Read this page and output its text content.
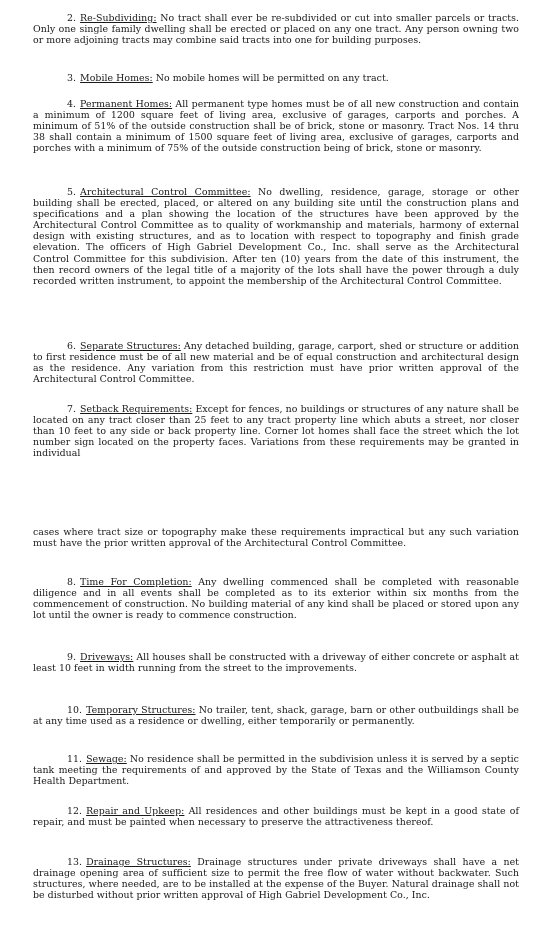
2. Re-Subdividing: No tract shall ever be re-subdivided or cut into smaller parcels or tracts. Only one single family dwelling shall be erected or placed on any one tract. Any person owning two or more adjoining tracts may combine said tracts into one for building purposes.

3. Mobile Homes: No mobile homes will be permitted on any tract.

4. Permanent Homes: All permanent type homes must be of all new construction and contain a minimum of 1200 square feet of living area, exclusive of garages, carports and porches. A minimum of 51% of the outside construction shall be of brick, stone or masonry. Tract Nos. 14 thru 38 shall contain a minimum of 1500 square feet of living area, exclusive of garages, carports and porches with a minimum of 75% of the outside construction being of brick, stone or masonry.

5. Architectural Control Committee: No dwelling, residence, garage, storage or other building shall be erected, placed, or altered on any building site until the construction plans and specifications and a plan showing the location of the structures have been approved by the Architectural Control Committee as to quality of workmanship and materials, harmony of external design with existing structures, and as to location with respect to topography and finish grade elevation. The officers of High Gabriel Development Co., Inc. shall serve as the Architectural Control Committee for this subdivision. After ten (10) years from the date of this instrument, the then record owners of the legal title of a majority of the lots shall have the power through a duly recorded written instrument, to appoint the membership of the Architectural Control Committee.

6. Separate Structures: Any detached building, garage, carport, shed or structure or addition to first residence must be of all new material and be of equal construction and architectural design as the residence. Any variation from this restriction must have prior written approval of the Architectural Control Committee.

7. Setback Requirements: Except for fences, no buildings or structures of any nature shall be located on any tract closer than 25 feet to any tract property line which abuts a street, nor closer than 10 feet to any side or back property line. Corner lot homes shall face the street which the lot number sign located on the property faces. Variations from these requirements may be granted in individual

cases where tract size or topography make these requirements impractical but any such variation must have the prior written approval of the Architectural Control Committee.

8. Time For Completion: Any dwelling commenced shall be completed with reasonable diligence and in all events shall be completed as to its exterior within six months from the commencement of construction. No building material of any kind shall be placed or stored upon any lot until the owner is ready to commence construction.

9. Driveways: All houses shall be constructed with a driveway of either concrete or asphalt at least 10 feet in width running from the street to the improvements.

10. Temporary Structures: No trailer, tent, shack, garage, barn or other outbuildings shall be at any time used as a residence or dwelling, either temporarily or permanently.

11. Sewage: No residence shall be permitted in the subdivision unless it is served by a septic tank meeting the requirements of and approved by the State of Texas and the Williamson County Health Department.

12. Repair and Upkeep: All residences and other buildings must be kept in a good state of repair, and must be painted when necessary to preserve the attractiveness thereof.

13. Drainage Structures: Drainage structures under private driveways shall have a net drainage opening area of sufficient size to permit the free flow of water without backwater. Such structures, where needed, are to be installed at the expense of the Buyer. Natural drainage shall not be disturbed without prior written approval of High Gabriel Development Co., Inc.
